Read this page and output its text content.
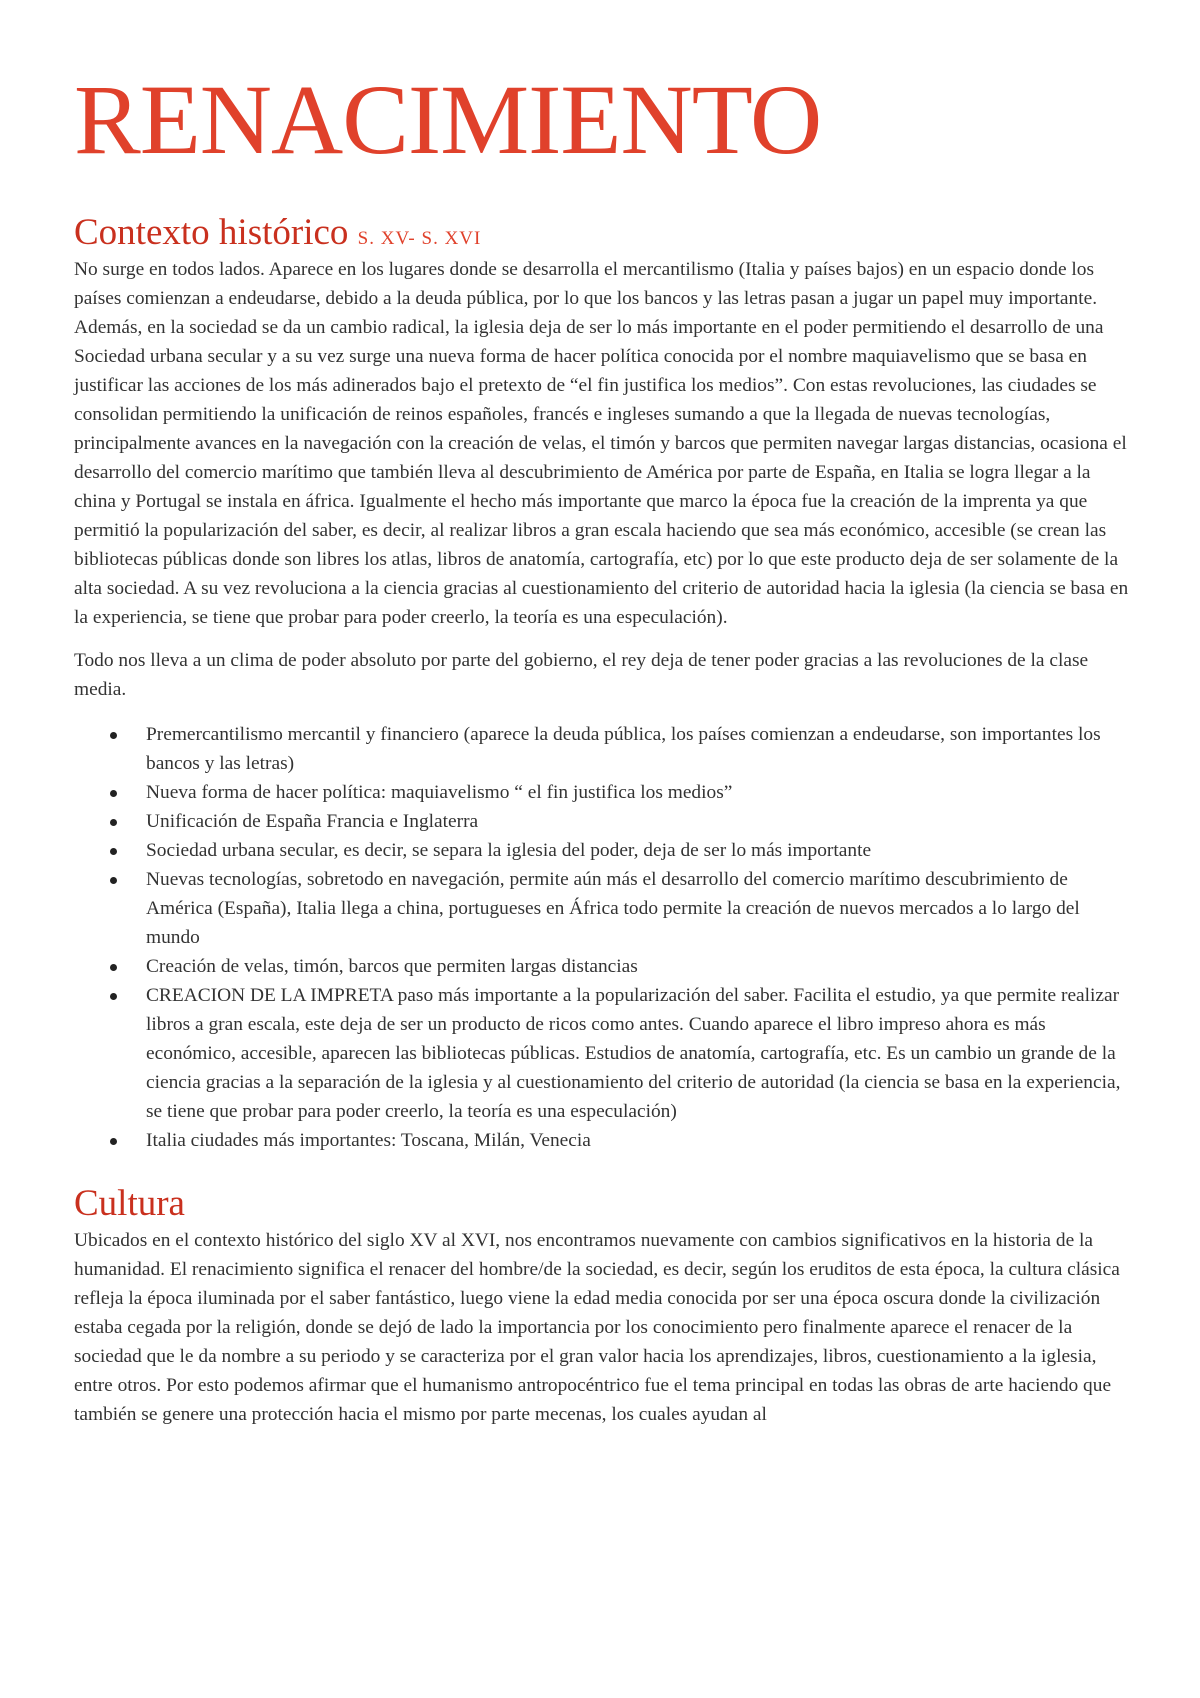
RENACIMIENTO
Contexto histórico S. XV- S. XVI

No surge en todos lados. Aparece en los lugares donde se desarrolla el mercantilismo (Italia y países bajos) en un espacio donde los países comienzan a endeudarse, debido a la deuda pública, por lo que los bancos y las letras pasan a jugar un papel muy importante. Además, en la sociedad se da un cambio radical, la iglesia deja de ser lo más importante en el poder permitiendo el desarrollo de una Sociedad urbana secular y a su vez surge una nueva forma de hacer política conocida por el nombre maquiavelismo que se basa en justificar las acciones de los más adinerados bajo el pretexto de “el fin justifica los medios”. Con estas revoluciones, las ciudades se consolidan permitiendo la unificación de reinos españoles, francés e ingleses sumando a que la llegada de nuevas tecnologías, principalmente avances en la navegación con la creación de velas, el timón y barcos que permiten navegar largas distancias, ocasiona el desarrollo del comercio marítimo que también lleva al descubrimiento de América por parte de España, en Italia se logra llegar a la china y Portugal se instala en áfrica. Igualmente el hecho más importante que marco la época fue la creación de la imprenta ya que permitió la popularización del saber, es decir, al realizar libros a gran escala haciendo que sea más económico, accesible (se crean las bibliotecas públicas donde son libres los atlas, libros de anatomía, cartografía, etc) por lo que este producto deja de ser solamente de la alta sociedad. A su vez revoluciona a la ciencia gracias al cuestionamiento del criterio de autoridad hacia la iglesia (la ciencia se basa en la experiencia, se tiene que probar para poder creerlo, la teoría es una especulación).

Todo nos lleva a un clima de poder absoluto por parte del gobierno, el rey deja de tener poder gracias a las revoluciones de la clase media.

Premercantilismo mercantil y financiero (aparece la deuda pública, los países comienzan a endeudarse, son importantes los bancos y las letras)
Nueva forma de hacer política: maquiavelismo “ el fin justifica los medios”
Unificación de España Francia e Inglaterra
Sociedad urbana secular, es decir, se separa la iglesia del poder, deja de ser lo más importante
Nuevas tecnologías, sobretodo en navegación, permite aún más el desarrollo del comercio marítimo descubrimiento de América (España), Italia llega a china, portugueses en África todo permite la creación de nuevos mercados a lo largo del mundo
Creación de velas, timón, barcos que permiten largas distancias
CREACION DE LA IMPRETA paso más importante a la popularización del saber. Facilita el estudio, ya que permite realizar libros a gran escala, este deja de ser un producto de ricos como antes. Cuando aparece el libro impreso ahora es más económico, accesible, aparecen las bibliotecas públicas. Estudios de anatomía, cartografía, etc. Es un cambio un grande de la ciencia gracias a la separación de la iglesia y al cuestionamiento del criterio de autoridad (la ciencia se basa en la experiencia, se tiene que probar para poder creerlo, la teoría es una especulación)
Italia ciudades más importantes: Toscana, Milán, Venecia
Cultura

Ubicados en el contexto histórico del siglo XV al XVI, nos encontramos nuevamente con cambios significativos en la historia de la humanidad. El renacimiento significa el renacer del hombre/de la sociedad, es decir, según los eruditos de esta época, la cultura clásica refleja la época iluminada por el saber fantástico, luego viene la edad media conocida por ser una época oscura donde la civilización estaba cegada por la religión, donde se dejó de lado la importancia por los conocimiento pero finalmente aparece el renacer de la sociedad que le da nombre a su periodo y se caracteriza por el gran valor hacia los aprendizajes, libros, cuestionamiento a la iglesia, entre otros. Por esto podemos afirmar que el humanismo antropocéntrico fue el tema principal en todas las obras de arte haciendo que también se genere una protección hacia el mismo por parte mecenas, los cuales ayudan al
